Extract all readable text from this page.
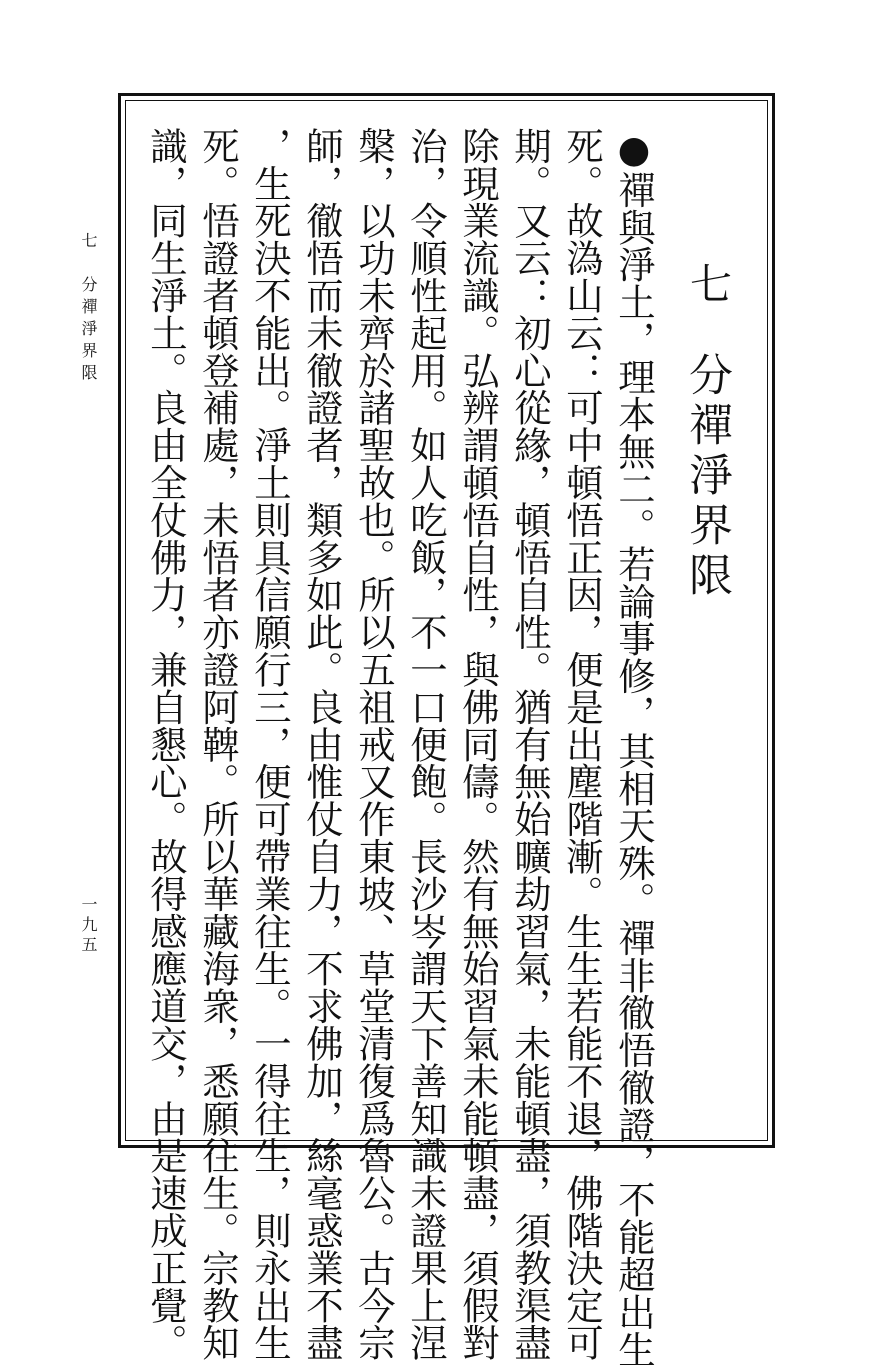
七　分禪淨界限
一九五
七
分禪淨界限
●禪與淨土，理本無二。若論事修，其相天殊。禪非徹悟徹證，不能超出生
死。故溈山云：可中頓悟正因，便是出塵階漸。生生若能不退，佛階決定可
期。又云：初心從緣，頓悟自性。猶有無始曠劫習氣，未能頓盡，須教渠盡
除現業流識。弘辨謂頓悟自性，與佛同儔。然有無始習氣未能頓盡，須假對
治，令順性起用。如人吃飯，不一口便飽。長沙岑謂天下善知識未證果上涅
槃，以功未齊於諸聖故也。所以五祖戒又作東坡、草堂清復爲魯公。古今宗
師，徹悟而未徹證者，類多如此。良由惟仗自力，不求佛加，絲毫惑業不盡
，生死決不能出。淨土則具信願行三，便可帶業往生。一得往生，則永出生
死。悟證者頓登補處，未悟者亦證阿鞞。所以華藏海衆，悉願往生。宗教知
識，同生淨土。良由全仗佛力，兼自懇心。故得感應道交，由是速成正覺。
